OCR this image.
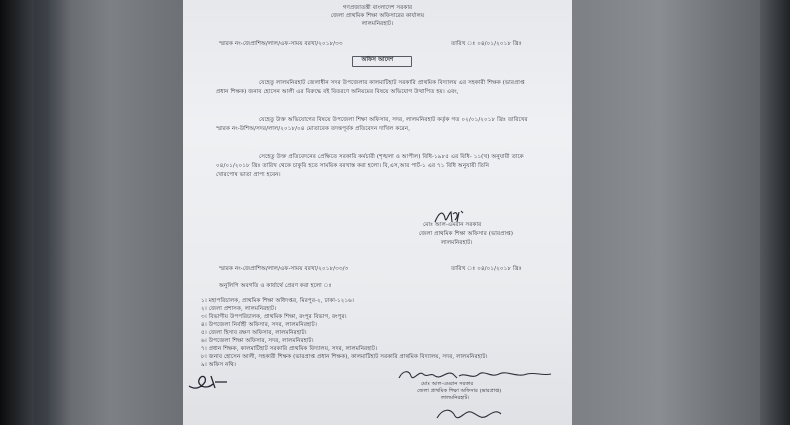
গণপ্রজাতন্ত্রী বাংলাদেশ সরকার
জেলা প্রাথমিক শিক্ষা অফিসারের কার্যালয়
লালমনিরহাট।
স্মারক নং-জেপ্রাশিঅ/লাল/এফ-সাময় বরখা/২০১৮/৩৩	তারিখ ঃ ০৪/০১/২০১৮ খ্রিঃ
অফিস আদেশ
যেহেতু লালমনিরহাট জেলাধীন সদর উপজেলার কালমাটিহাট সরকারি প্রাথমিক বিদ্যালয় এর সহকারী শিক্ষক (ভারপ্রাপ্ত
প্রধান শিক্ষক) জনাব হোসেন আলী এর বিরুদ্ধে বই বিতরণে অনিয়মের বিষয়ে অভিযোগ উত্থাপিত হয়। এবং,
যেহেতু উক্ত অভিযোগের বিষয়ে উপজেলা শিক্ষা অফিসার, সদর, লালমনিরহাট কর্তৃক গত ০২/০১/২০১৮ খ্রিঃ তারিখের
স্মারক নং-উশিঅ/সদর/লাল/২০১৮/০৪ মোতাবেক তদন্তপূর্বক প্রতিবেদন দাখিল করেন,
সেহেতু উক্ত প্রতিবেদনের প্রেক্ষিতে সরকারি কর্মচারী (শৃঙ্খলা ও আপীল) বিধি-১৯৮৫ এর বিধি- ১১(খ) অনুযায়ী তাকে
০৪/০১/২০১৮ খ্রিঃ তারিখ থেকে চাকুরি হতে সাময়িক বরখাস্ত করা হলো। বি,এস,আর পার্ট-১ এর ৭১ বিধি অনুযায়ী তিনি
খোরপোষ ভাতা প্রাপ্য হবেন।
মোঃ আল-এমরান সরকার
জেলা প্রাথমিক শিক্ষা অফিসার (ভারপ্রাপ্ত)
লালমনিরহাট।
স্মারক নং-জেপ্রাশিঅ/লাল/এফ-সাময় বরখা/২০১৮/৩৩/৩	তারিখ ঃ ০৪/০১/২০১৮ খ্রিঃ
অনুলিপি অবগতি ও কার্যার্থে প্রেরণ করা হলো ঃ
১। মহাপরিচালক, প্রাথমিক শিক্ষা অধিদপ্তর, মিরপুর-২, ঢাকা-১২১৬।
২। জেলা প্রশাসক, লালমনিরহাট।
৩। বিভাগীয় উপপরিচালক, প্রাথমিক শিক্ষা, রংপুর বিভাগ, রংপুর।
৪। উপজেলা নির্বাহী অফিসার, সদর, লালমনিরহাট।
৫। জেলা হিসাব রক্ষণ অফিসার, লালমনিরহাট।
৬। উপজেলা শিক্ষা অফিসার, সদর, লালমনিরহাট।
৭। প্রধান শিক্ষক, কালমাটিহাট সরকারি প্রাথমিক বিদ্যালয়, সদর, লালমনিরহাট।
৮। জনাব হোসেন আলী, সহকারী শিক্ষক (ভারপ্রাপ্ত প্রধান শিক্ষক), কালমাটিহাট সরকারি প্রাথমিক বিদ্যালয়, সদর, লালমনিরহাট।
৯। অফিস নথি।
মোঃ আল-এমরান সরকার
জেলা প্রাথমিক শিক্ষা অফিসার (ভারপ্রাপ্ত)
লালমনিরহাট।
